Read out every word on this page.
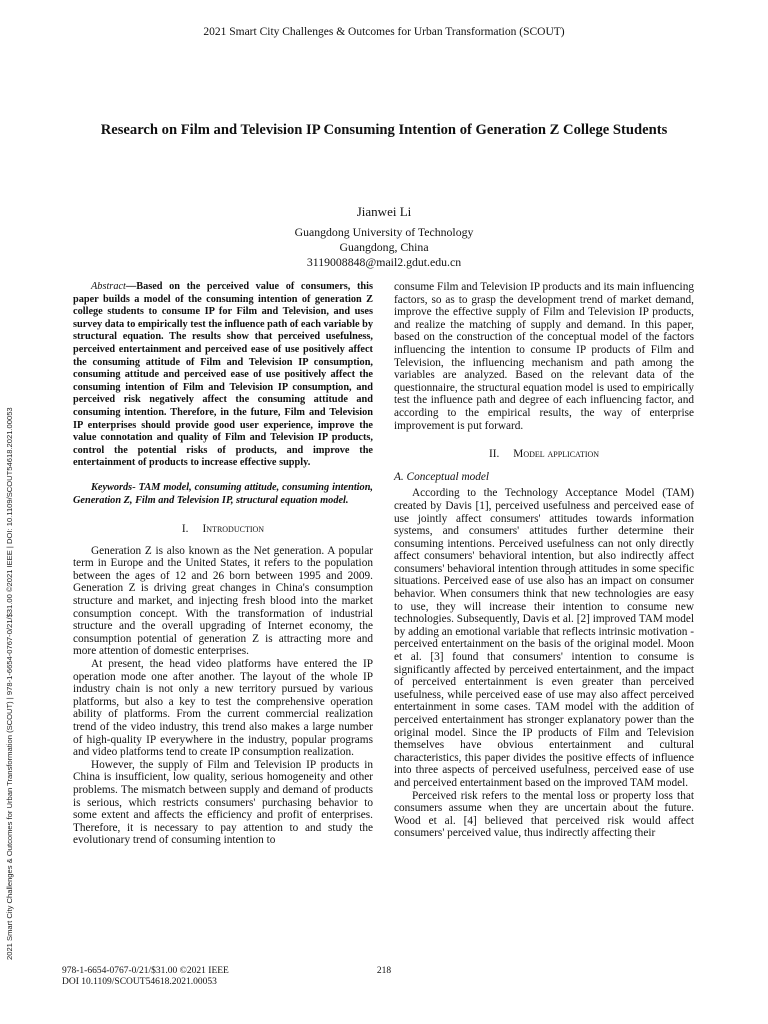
2021 Smart City Challenges & Outcomes for Urban Transformation (SCOUT)
Research on Film and Television IP Consuming Intention of Generation Z College Students
Jianwei Li
Guangdong University of Technology
Guangdong, China
3119008848@mail2.gdut.edu.cn
2021 Smart City Challenges & Outcomes for Urban Transformation (SCOUT) | 978-1-6654-0767-0/21/$31.00 ©2021 IEEE | DOI: 10.1109/SCOUT54618.2021.00053

Abstract—Based on the perceived value of consumers, this paper builds a model of the consuming intention of generation Z college students to consume IP for Film and Television, and uses survey data to empirically test the influence path of each variable by structural equation. The results show that perceived usefulness, perceived entertainment and perceived ease of use positively affect the consuming attitude of Film and Television IP consumption, consuming attitude and perceived ease of use positively affect the consuming intention of Film and Television IP consumption, and perceived risk negatively affect the consuming attitude and consuming intention. Therefore, in the future, Film and Television IP enterprises should provide good user experience, improve the value connotation and quality of Film and Television IP products, control the potential risks of products, and improve the entertainment of products to increase effective supply.

Keywords- TAM model, consuming attitude, consuming intention, Generation Z, Film and Television IP, structural equation model.

I. Introduction

Generation Z is also known as the Net generation. A popular term in Europe and the United States, it refers to the population between the ages of 12 and 26 born between 1995 and 2009. Generation Z is driving great changes in China's consumption structure and market, and injecting fresh blood into the market consumption concept. With the transformation of industrial structure and the overall upgrading of Internet economy, the consumption potential of generation Z is attracting more and more attention of domestic enterprises.

At present, the head video platforms have entered the IP operation mode one after another. The layout of the whole IP industry chain is not only a new territory pursued by various platforms, but also a key to test the comprehensive operation ability of platforms. From the current commercial realization trend of the video industry, this trend also makes a large number of high-quality IP everywhere in the industry, popular programs and video platforms tend to create IP consumption realization.

However, the supply of Film and Television IP products in China is insufficient, low quality, serious homogeneity and other problems. The mismatch between supply and demand of products is serious, which restricts consumers' purchasing behavior to some extent and affects the efficiency and profit of enterprises. Therefore, it is necessary to pay attention to and study the evolutionary trend of consuming intention to

consume Film and Television IP products and its main influencing factors, so as to grasp the development trend of market demand, improve the effective supply of Film and Television IP products, and realize the matching of supply and demand. In this paper, based on the construction of the conceptual model of the factors influencing the intention to consume IP products of Film and Television, the influencing mechanism and path among the variables are analyzed. Based on the relevant data of the questionnaire, the structural equation model is used to empirically test the influence path and degree of each influencing factor, and according to the empirical results, the way of enterprise improvement is put forward.

II. Model application
A. Conceptual model

According to the Technology Acceptance Model (TAM) created by Davis [1], perceived usefulness and perceived ease of use jointly affect consumers' attitudes towards information systems, and consumers' attitudes further determine their consuming intentions. Perceived usefulness can not only directly affect consumers' behavioral intention, but also indirectly affect consumers' behavioral intention through attitudes in some specific situations. Perceived ease of use also has an impact on consumer behavior. When consumers think that new technologies are easy to use, they will increase their intention to consume new technologies. Subsequently, Davis et al. [2] improved TAM model by adding an emotional variable that reflects intrinsic motivation - perceived entertainment on the basis of the original model. Moon et al. [3] found that consumers' intention to consume is significantly affected by perceived entertainment, and the impact of perceived entertainment is even greater than perceived usefulness, while perceived ease of use may also affect perceived entertainment in some cases. TAM model with the addition of perceived entertainment has stronger explanatory power than the original model. Since the IP products of Film and Television themselves have obvious entertainment and cultural characteristics, this paper divides the positive effects of influence into three aspects of perceived usefulness, perceived ease of use and perceived entertainment based on the improved TAM model.

Perceived risk refers to the mental loss or property loss that consumers assume when they are uncertain about the future. Wood et al. [4] believed that perceived risk would affect consumers' perceived value, thus indirectly affecting their

978-1-6654-0767-0/21/$31.00 ©2021 IEEE
DOI 10.1109/SCOUT54618.2021.00053
218
